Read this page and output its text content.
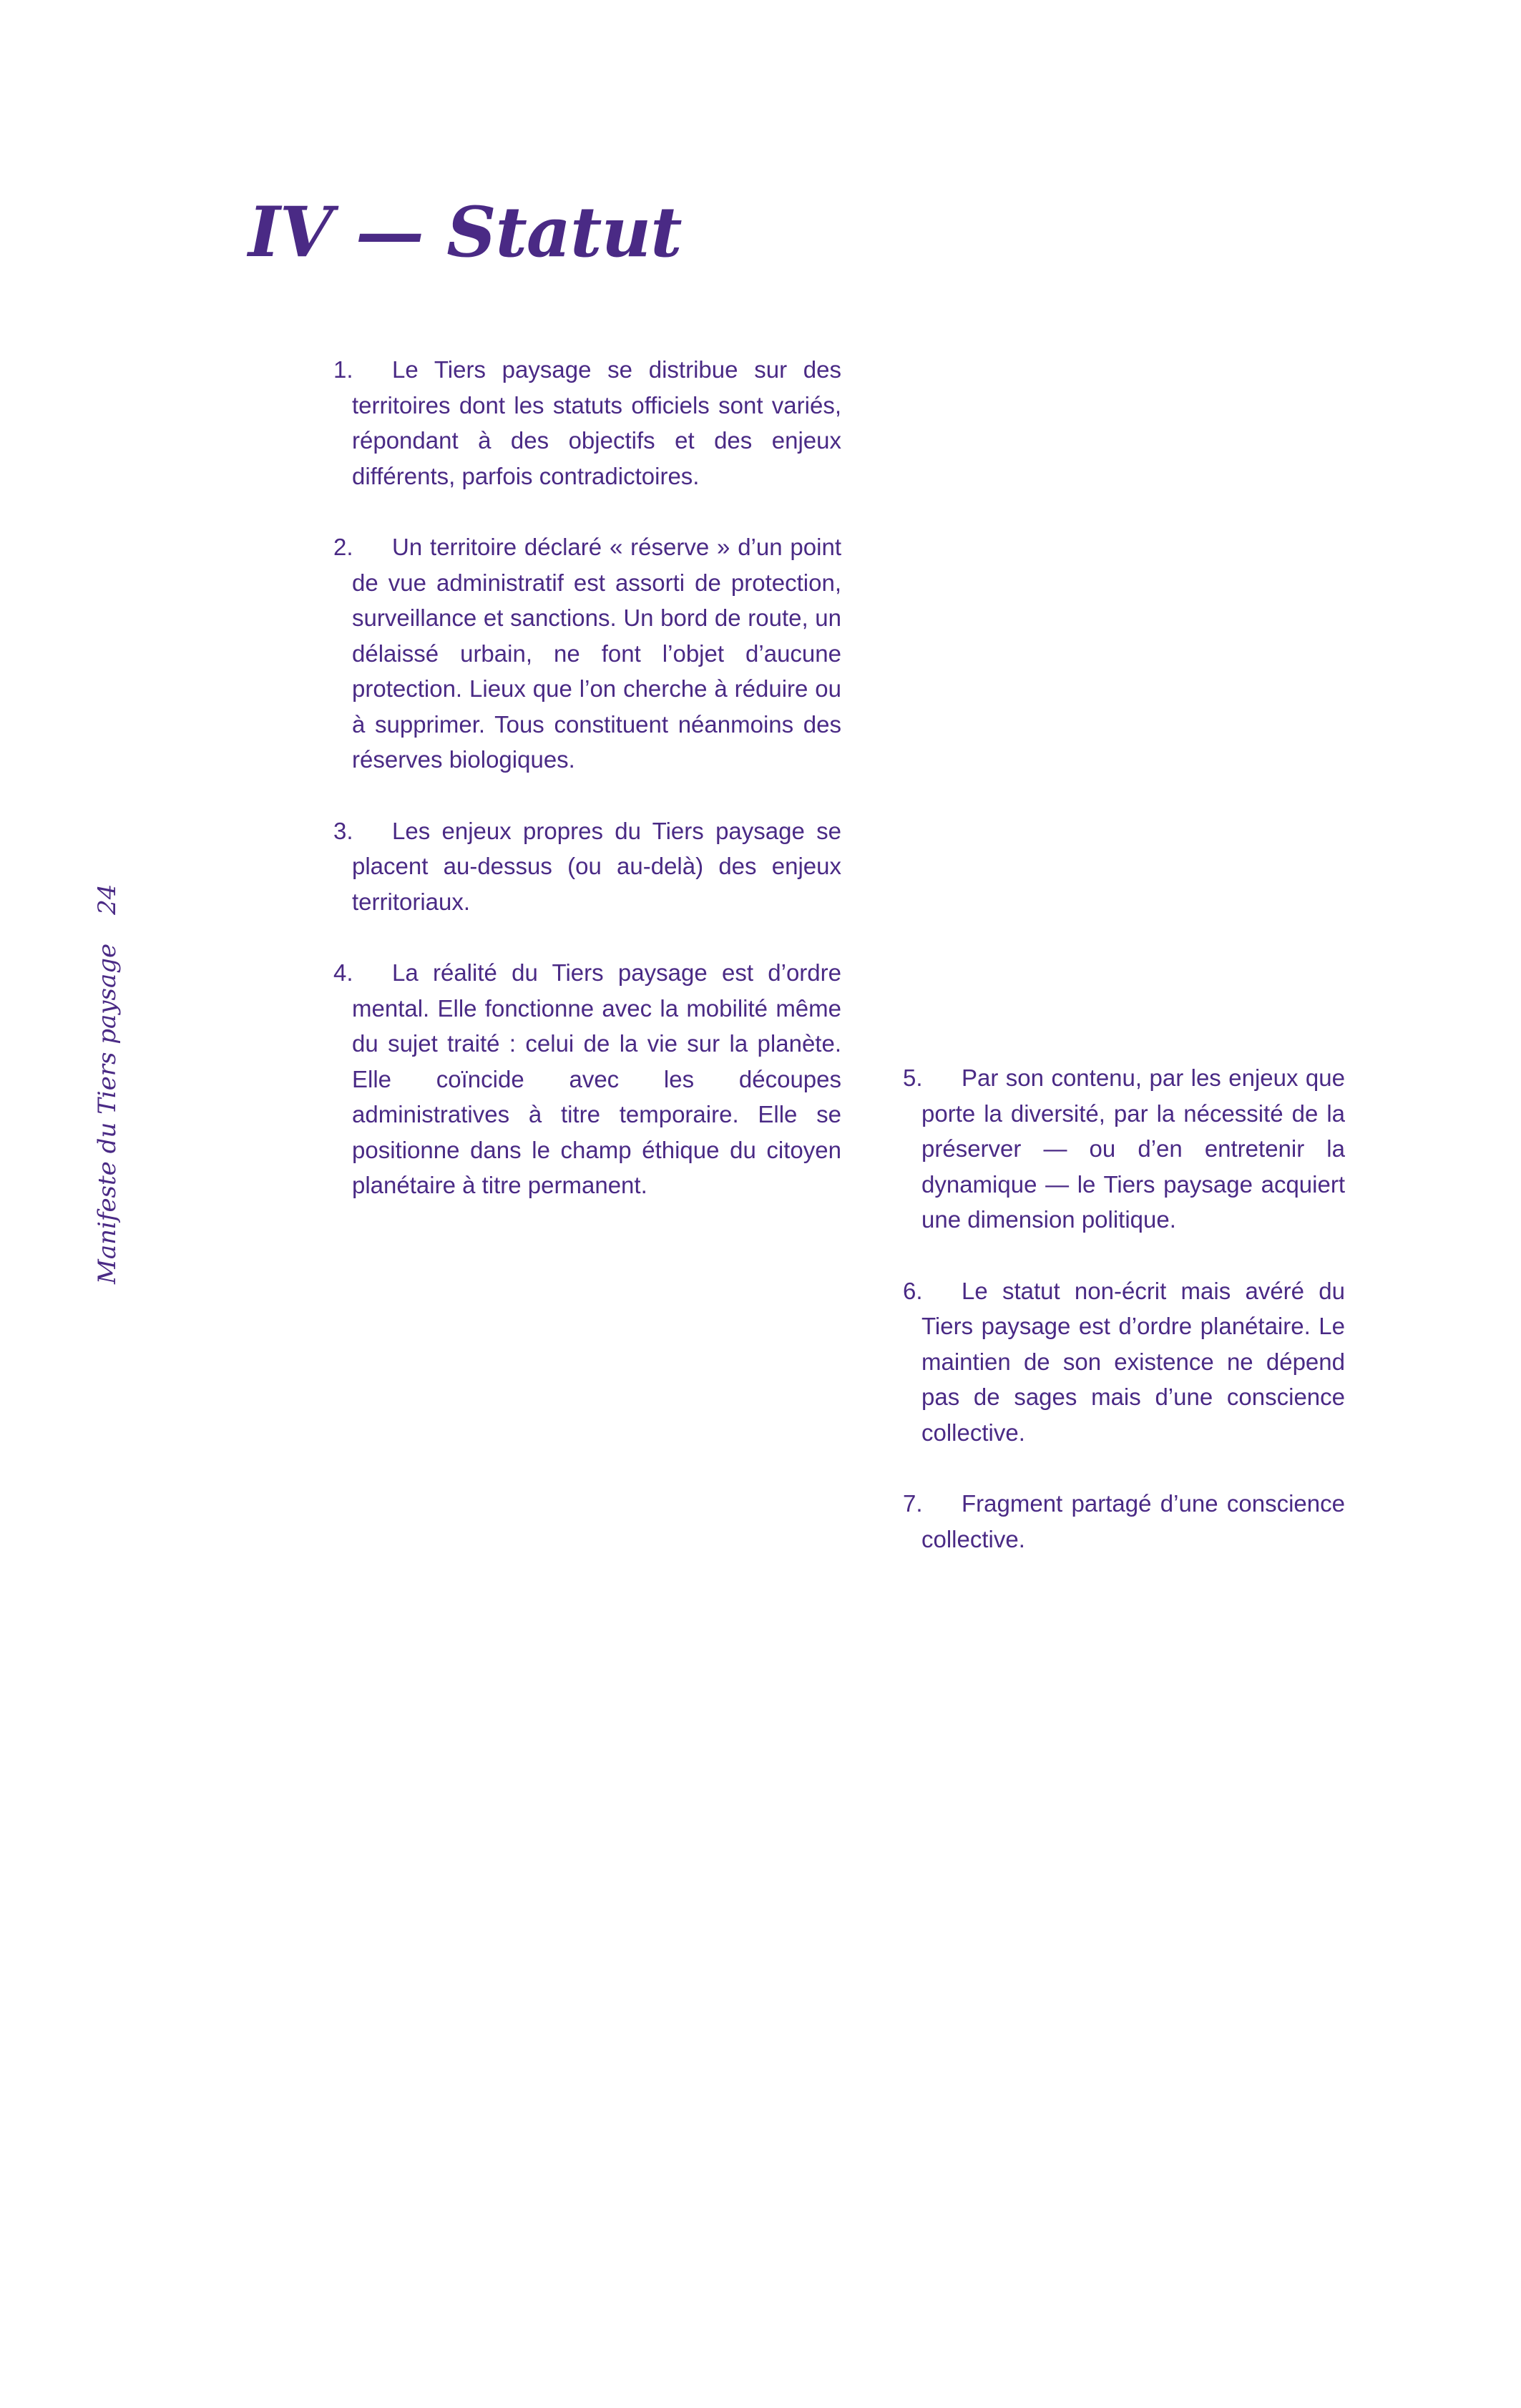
IV — Statut
Manifeste du Tiers paysage24
1.	Le Tiers paysage se distribue sur des territoires dont les statuts officiels sont variés, répondant à des objectifs et des enjeux différents, parfois contradictoires.
2.	Un territoire déclaré « réserve » d’un point de vue administratif est assorti de protection, surveillance et sanctions. Un bord de route, un délaissé urbain, ne font l’objet d’aucune protection. Lieux que l’on cherche à réduire ou à supprimer. Tous constituent néanmoins des réserves biologiques.
3.	Les enjeux propres du Tiers paysage se placent au-dessus (ou au-delà) des enjeux territoriaux.
4.	La réalité du Tiers paysage est d’ordre mental. Elle fonctionne avec la mobilité même du sujet traité : celui de la vie sur la planète. Elle coïncide avec les découpes administratives à titre temporaire. Elle se positionne dans le champ éthique du citoyen planétaire à titre permanent.
5.	Par son contenu, par les enjeux que porte la diversité, par la nécessité de la préserver — ou d’en entretenir la dynamique — le Tiers paysage acquiert une dimension politique.
6.	Le statut non-écrit mais avéré du Tiers paysage est d’ordre planétaire. Le maintien de son existence ne dépend pas de sages mais d’une conscience collective.
7.	Fragment partagé d’une conscience collective.
